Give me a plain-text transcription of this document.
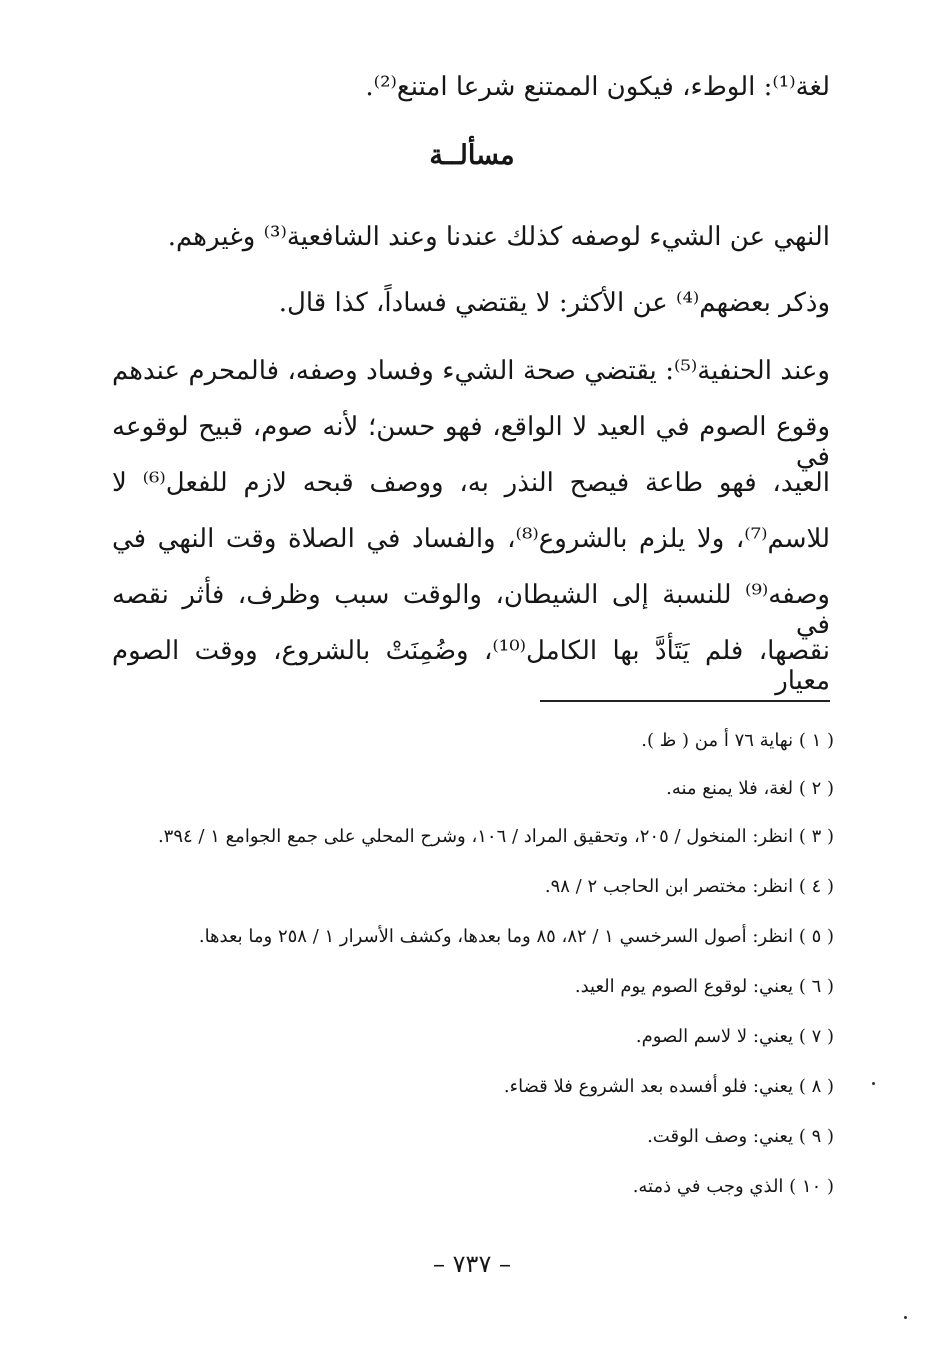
لغة⁽¹⁾: الوطء، فيكون الممتنع شرعا امتنع⁽²⁾.
مسألــة
النهي عن الشيء لوصفه كذلك عندنا وعند الشافعية⁽³⁾ وغيرهم.
وذكر بعضهم⁽⁴⁾ عن الأكثر: لا يقتضي فساداً، كذا قال.
وعند الحنفية⁽⁵⁾: يقتضي صحة الشيء وفساد وصفه، فالمحرم عندهم
وقوع الصوم في العيد لا الواقع، فهو حسن؛ لأنه صوم، قبيح لوقوعه في
العيد، فهو طاعة فيصح النذر به، ووصف قبحه لازم للفعل⁽⁶⁾ لا
للاسم⁽⁷⁾، ولا يلزم بالشروع⁽⁸⁾، والفساد في الصلاة وقت النهي في
وصفه⁽⁹⁾ للنسبة إلى الشيطان، والوقت سبب وظرف، فأثر نقصه في
نقصها، فلم يَتَأدَّ بها الكامل⁽¹⁰⁾، وضُمِنَتْ بالشروع، ووقت الصوم معيار
( ١ ) نهاية ٧٦ أ من ( ظ ).
( ٢ ) لغة، فلا يمنع منه.
( ٣ ) انظر: المنخول / ٢٠٥، وتحقيق المراد / ١٠٦، وشرح المحلي على جمع الجوامع ١ / ٣٩٤.
( ٤ ) انظر: مختصر ابن الحاجب ٢ / ٩٨.
( ٥ ) انظر: أصول السرخسي ١ / ٨٢، ٨٥ وما بعدها، وكشف الأسرار ١ / ٢٥٨ وما بعدها.
( ٦ ) يعني: لوقوع الصوم يوم العيد.
( ٧ ) يعني: لا لاسم الصوم.
( ٨ ) يعني: فلو أفسده بعد الشروع فلا قضاء.
( ٩ ) يعني: وصف الوقت.
( ١٠ ) الذي وجب في ذمته.
– ٧٣٧ –
